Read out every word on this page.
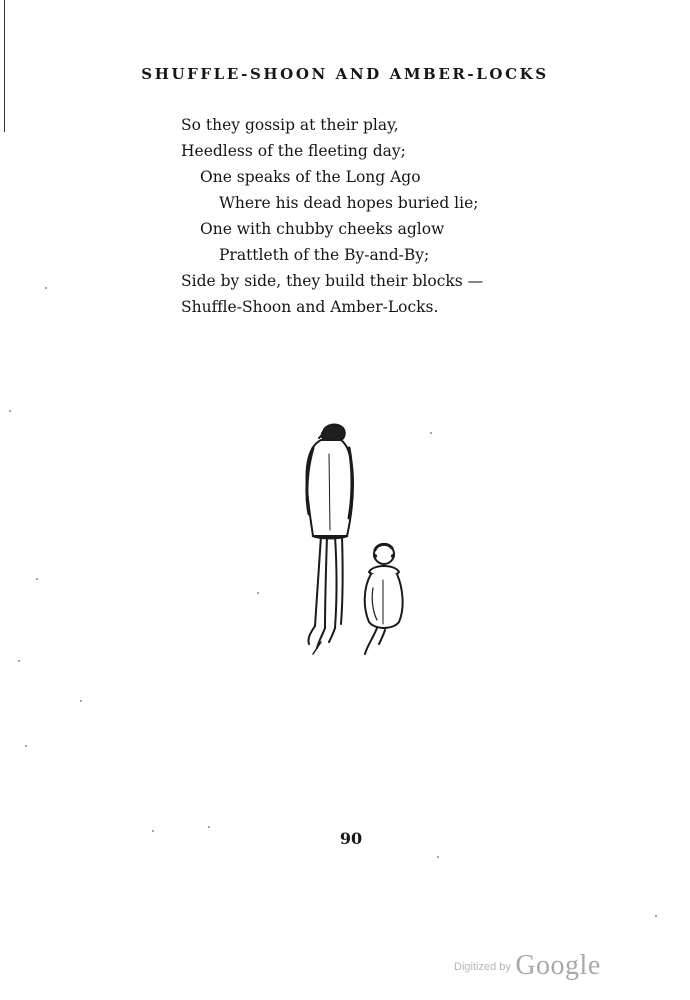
SHUFFLE-SHOON AND AMBER-LOCKS
So they gossip at their play,
Heedless of the fleeting day;
One speaks of the Long Ago
Where his dead hopes buried lie;
One with chubby cheeks aglow
Prattleth of the By-and-By;
Side by side, they build their blocks —
Shuffle-Shoon and Amber-Locks.
90
$^{Digitized by}$ Google
